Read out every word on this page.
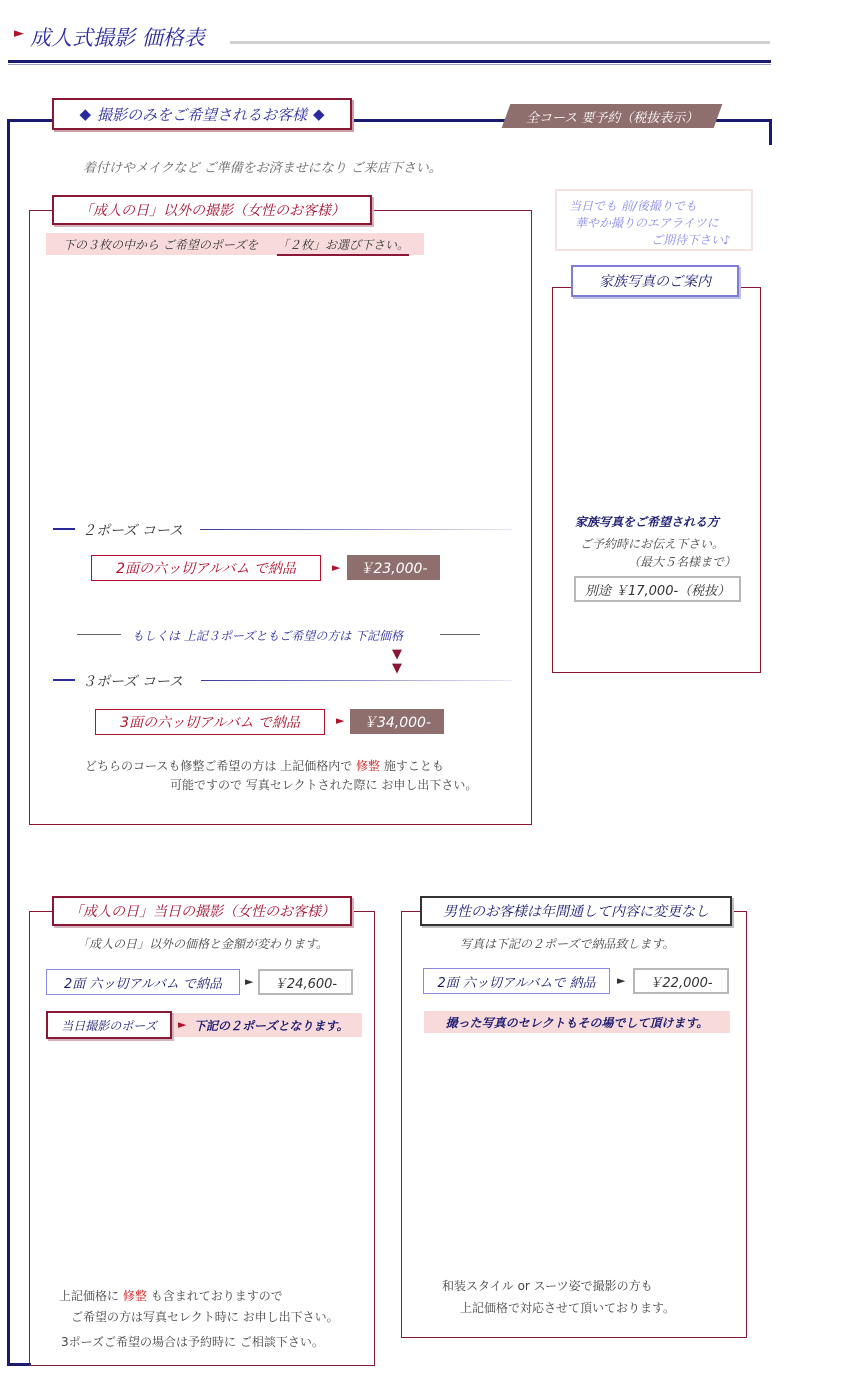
► 成人式撮影 価格表
◆ 撮影のみをご希望されるお客様 ◆	全コース 要予約（税抜表示）
着付けやメイクなど ご準備をお済ませになり ご来店下さい。
当日でも 前/後撮りでも
華やか撮りのエアライツに
ご期待下さい♪
「成人の日」以外の撮影（女性のお客様）
下の３枚の中から ご希望のポーズを 「２枚」お選び下さい。
２ポーズ コース
2面の六ッ切アルバム で納品	►	￥23,000-
もしくは 上記３ポーズともご希望の方は 下記価格
▼
▼
３ポーズ コース
3面の六ッ切アルバム で納品	►	￥34,000-
どちらのコースも修整ご希望の方は 上記価格内で 修整 施すことも
可能ですので 写真セレクトされた際に お申し出下さい。
家族写真のご案内
家族写真をご希望される方
ご予約時にお伝え下さい。
（最大５名様まで）
別途 ￥17,000-（税抜）
「成人の日」当日の撮影（女性のお客様）
「成人の日」以外の価格と金額が変わります。
2面 六ッ切アルバム で納品	►	￥24,600-
当日撮影のポーズ	► 下記の２ポーズとなります。
上記価格に 修整 も含まれておりますので
ご希望の方は写真セレクト時に お申し出下さい。
3ポーズご希望の場合は予約時に ご相談下さい。
男性のお客様は年間通して内容に変更なし
写真は下記の２ポーズで納品致します。
2面 六ッ切アルバムで 納品	►	￥22,000-
撮った写真のセレクトもその場でして頂けます。
和装スタイル or スーツ姿で撮影の方も
上記価格で対応させて頂いております。
